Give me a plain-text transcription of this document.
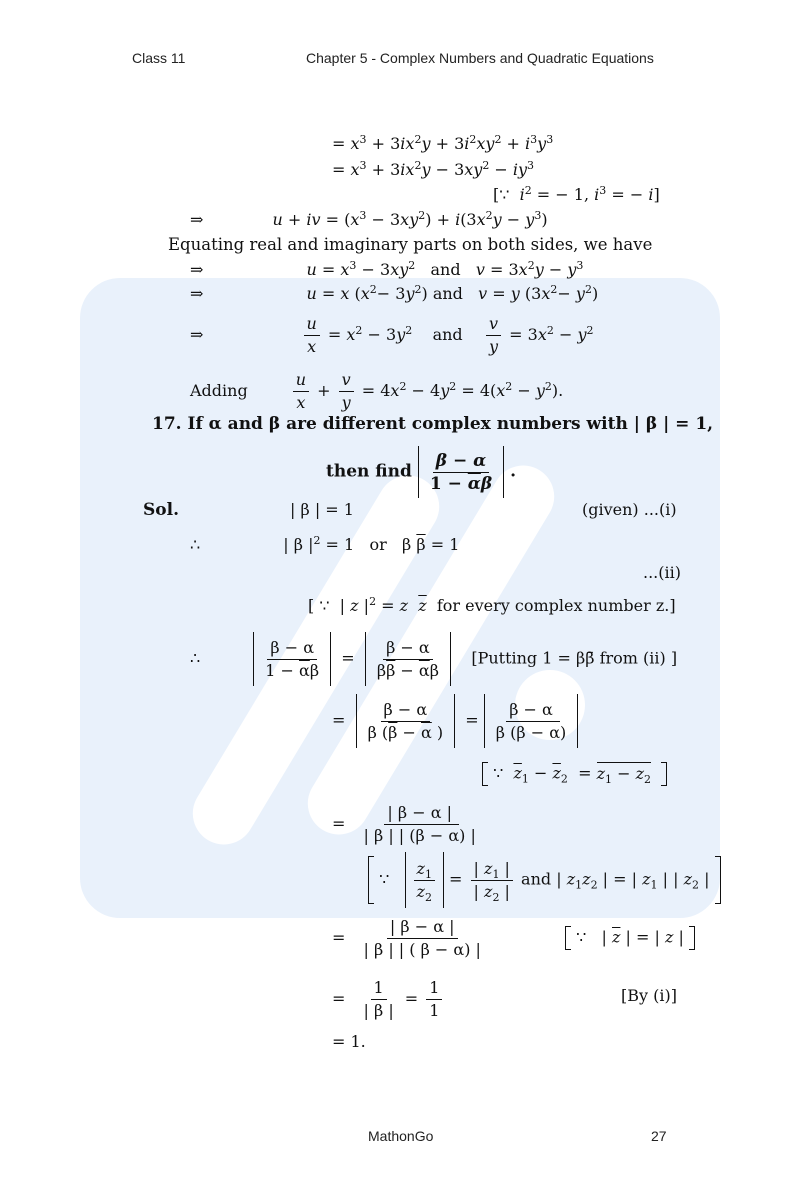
Class 11	Chapter 5 - Complex Numbers and Quadratic Equations
= $x^3 + 3ix^2y + 3i^2xy^2 + i^3y^3$
= $x^3 + 3ix^2y - 3xy^2 - iy^3$
[∵  $i^2$ = − 1, $i^3$ = − i]
⇒	u + iv = $(x^3 - 3xy^2) + i(3x^2y - y^3)$
Equating real and imaginary parts on both sides, we have
⇒	$u = x^3 - 3xy^2$   and   $v = 3x^2y - y^3$
⇒	u = x $(x^2- 3y^2)$ and   v = y $(3x^2- y^2)$
⇒	$\frac{u}{x} = x^2 - 3y^2$    and $\frac{v}{y} = 3x^2 - y^2$
Adding	$\frac{u}{x} + \frac{v}{y} = 4x^2 - 4y^2 = 4(x^2 - y^2)$.
17. If α and β are different complex numbers with | β | = 1,
then find $\frac{\beta - \alpha}{1 - \overline{\alpha}\beta}$ .
Sol.	| β | = 1	(given) ...(i)
∴	| β $|^2 = 1$   or   β $\overline{\beta} = 1$
...(ii)
[ ∵  | z $|^2 = z$ $\overline{z}$ for every complex number z.]
∴	$\frac{\beta - \alpha}{1 - \overline{\alpha}\beta} = \frac{\beta - \alpha}{\beta\overline{\beta} - \overline{\alpha}\beta}$ [Putting 1 = ββ̄ from (ii) ]
= $\frac{\beta - \alpha}{\beta (\overline{\beta} - \overline{\alpha} )} = \frac{\beta - \alpha}{\beta (\beta - \alpha)}$
∵  $\overline{z}_1 - \overline{z}_2 = z_1 - z_2$
= $\frac{| \beta - \alpha |}{| \beta | | (\beta - \alpha) |}$
∵ $\frac{z_1}{z_2} = \frac{| z_1 |}{| z_2 |}$ and | $z_1z_2$ | = | $z_1$ | | $z_2$ |
= $\frac{| \beta - \alpha |}{| \beta | | ( \beta - \alpha) |}$	∵   | $\overline{z}$ | = | z |
= $\frac{1}{| \beta |} = \frac{1}{1}$	[By (i)]
= 1.
MathonGo	27
